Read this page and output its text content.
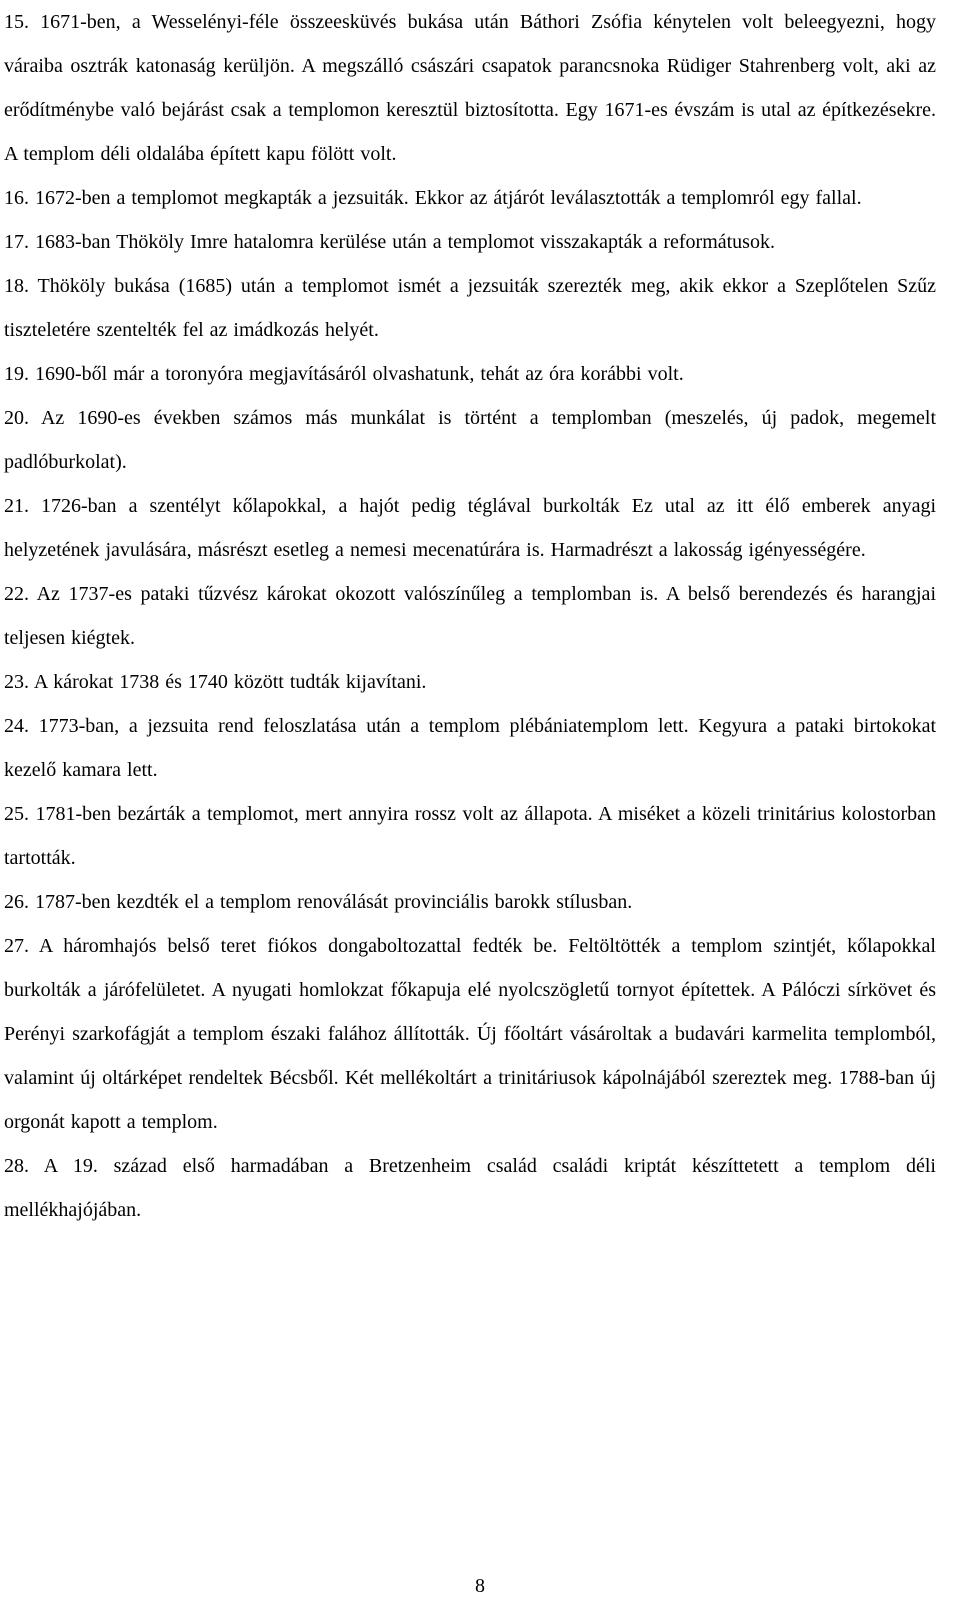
15. 1671-ben, a Wesselényi-féle összeesküvés bukása után Báthori Zsófia kénytelen volt beleegyezni, hogy váraiba osztrák katonaság kerüljön. A megszálló császári csapatok parancsnoka Rüdiger Stahrenberg volt, aki az erődítménybe való bejárást csak a templomon keresztül biztosította. Egy 1671-es évszám is utal az építkezésekre. A templom déli oldalába épített kapu fölött volt.

16. 1672-ben a templomot megkapták a jezsuiták. Ekkor az átjárót leválasztották a templomról egy fallal.

17. 1683-ban Thököly Imre hatalomra kerülése után a templomot visszakapták a reformátusok.

18. Thököly bukása (1685) után a templomot ismét a jezsuiták szerezték meg, akik ekkor a Szeplőtelen Szűz tiszteletére szentelték fel az imádkozás helyét.

19. 1690-ből már a toronyóra megjavításáról olvashatunk, tehát az óra korábbi volt.

20. Az 1690-es években számos más munkálat is történt a templomban (meszelés, új padok, megemelt padlóburkolat).

21. 1726-ban a szentélyt kőlapokkal, a hajót pedig téglával burkolták Ez utal az itt élő emberek anyagi helyzetének javulására, másrészt esetleg a nemesi mecenatúrára is. Harmadrészt a lakosság igényességére.

22. Az 1737-es pataki tűzvész károkat okozott valószínűleg a templomban is. A belső berendezés és harangjai teljesen kiégtek.

23. A károkat 1738 és 1740 között tudták kijavítani.

24. 1773-ban, a jezsuita rend feloszlatása után a templom plébániatemplom lett. Kegyura a pataki birtokokat kezelő kamara lett.

25. 1781-ben bezárták a templomot, mert annyira rossz volt az állapota. A miséket a közeli trinitárius kolostorban tartották.

26. 1787-ben kezdték el a templom renoválását provinciális barokk stílusban.

27. A háromhajós belső teret fiókos dongaboltozattal fedték be. Feltöltötték a templom szintjét, kőlapokkal burkolták a járófelületet. A nyugati homlokzat főkapuja elé nyolcszögletű tornyot építettek. A Pálóczi sírkövet és Perényi szarkofágját a templom északi falához állították. Új főoltárt vásároltak a budavári karmelita templomból, valamint új oltárképet rendeltek Bécsből. Két mellékoltárt a trinitáriusok kápolnájából szereztek meg. 1788-ban új orgonát kapott a templom.

28. A 19. század első harmadában a Bretzenheim család családi kriptát készíttetett a templom déli mellékhajójában.

8
